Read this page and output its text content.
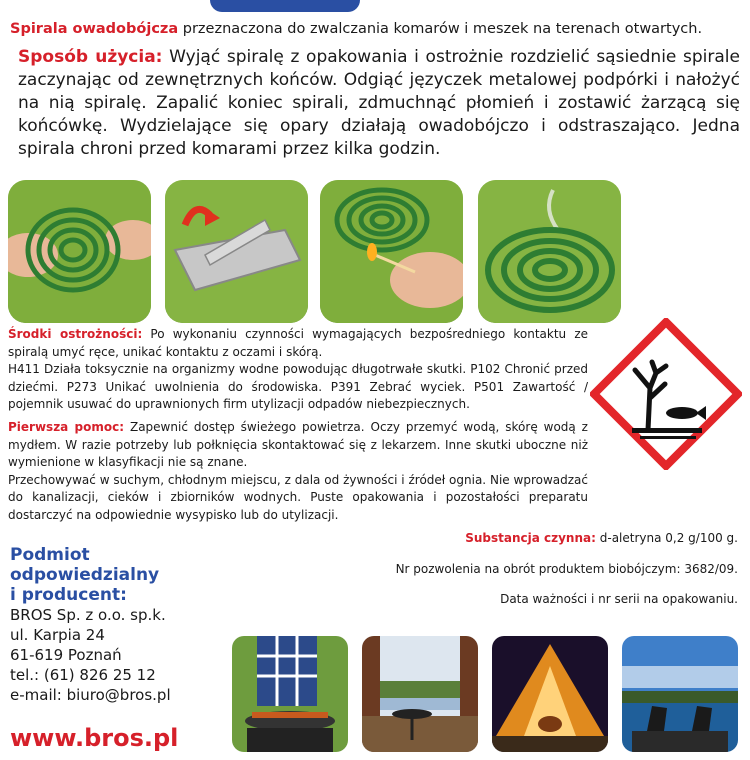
Spirala owadobójcza przeznaczona do zwalczania komarów i meszek na terenach otwartych.
Sposób użycia: Wyjąć spiralę z opakowania i ostrożnie rozdzielić sąsiednie spirale zaczynając od zewnętrznych końców. Odgiąć języczek metalowej podpórki i nałożyć na nią spiralę. Zapalić koniec spirali, zdmuchnąć płomień i zostawić żarzącą się końcówkę. Wydzielające się opary działają owadobójczo i odstraszająco. Jedna spirala chroni przed komarami przez kilka godzin.
Środki ostrożności: Po wykonaniu czynności wymagających bezpośredniego kontaktu ze spiralą umyć ręce, unikać kontaktu z oczami i skórą.
H411 Działa toksycznie na organizmy wodne powodując długotrwałe skutki. P102 Chronić przed dziećmi. P273 Unikać uwolnienia do środowiska. P391 Zebrać wyciek. P501 Zawartość / pojemnik usuwać do uprawnionych firm utylizacji odpadów niebezpiecznych.
Pierwsza pomoc: Zapewnić dostęp świeżego powietrza. Oczy przemyć wodą, skórę wodą z mydłem. W razie potrzeby lub połknięcia skontaktować się z lekarzem. Inne skutki uboczne niż wymienione w klasyfikacji nie są znane.
Przechowywać w suchym, chłodnym miejscu, z dala od żywności i źródeł ognia. Nie wprowadzać do kanalizacji, cieków i zbiorników wodnych. Puste opakowania i pozostałości preparatu dostarczyć na odpowiednie wysypisko lub do utylizacji.
Substancja czynna: d-aletryna 0,2 g/100 g.
Nr pozwolenia na obrót produktem biobójczym: 3682/09.
Data ważności i nr serii na opakowaniu.
Podmiot
odpowiedzialny
i producent:
BROS Sp. z o.o. sp.k.
ul. Karpia 24
61-619 Poznań
tel.: (61) 826 25 12
e-mail: biuro@bros.pl
www.bros.pl
